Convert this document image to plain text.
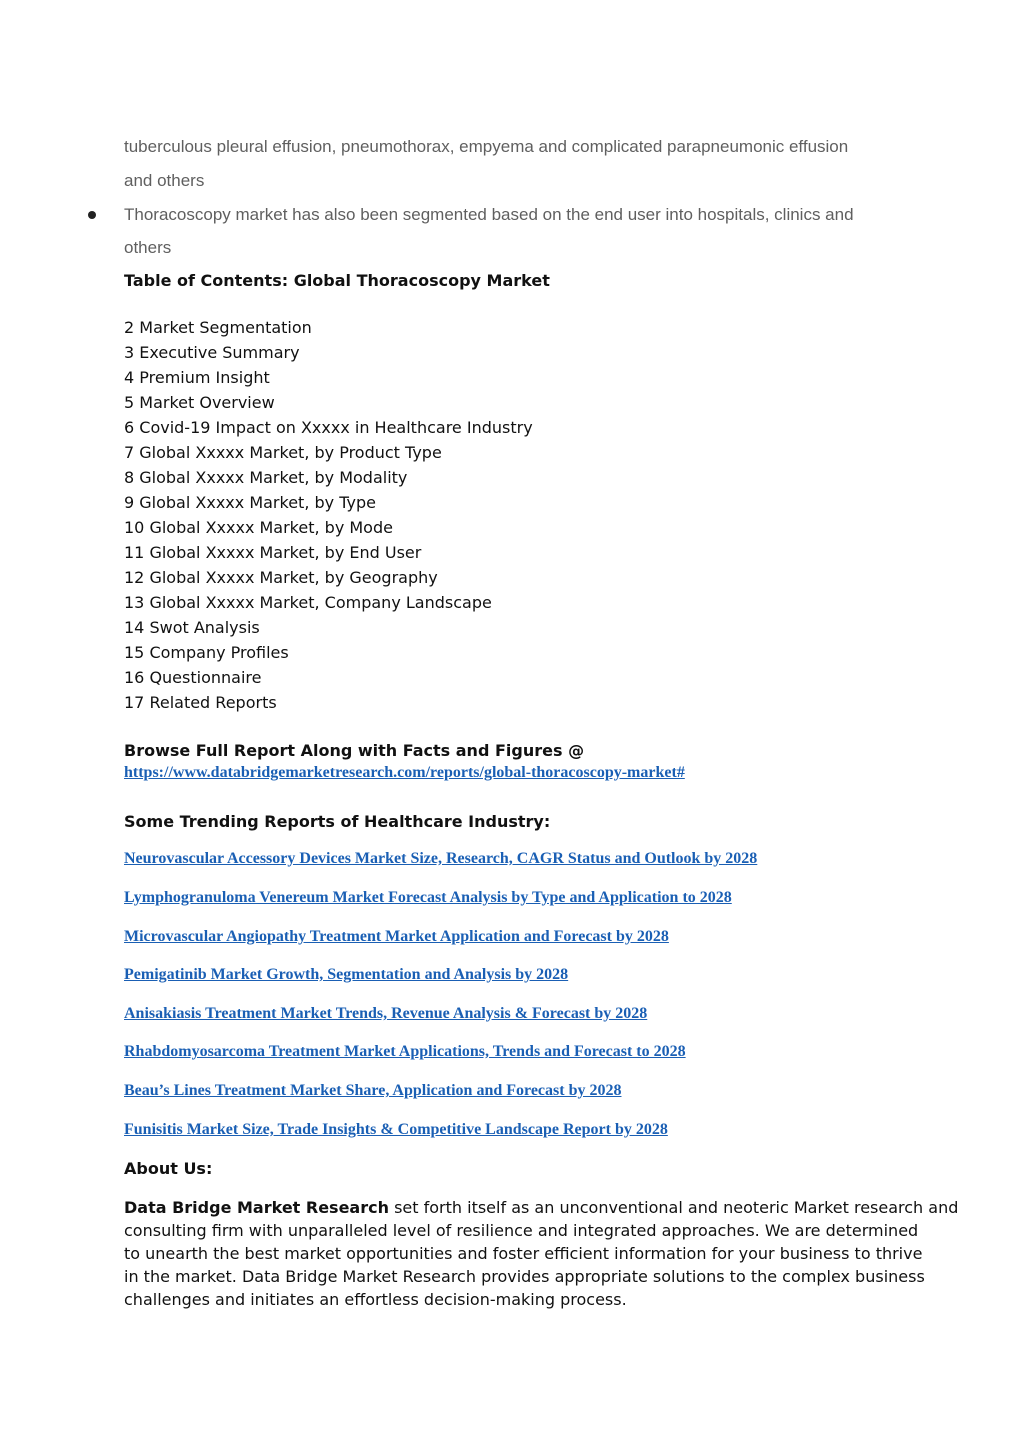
tuberculous pleural effusion, pneumothorax, empyema and complicated parapneumonic effusion
and others
Thoracoscopy market has also been segmented based on the end user into hospitals, clinics and
others
Table of Contents: Global Thoracoscopy Market
2 Market Segmentation
3 Executive Summary
4 Premium Insight
5 Market Overview
6 Covid-19 Impact on Xxxxx in Healthcare Industry
7 Global Xxxxx Market, by Product Type
8 Global Xxxxx Market, by Modality
9 Global Xxxxx Market, by Type
10 Global Xxxxx Market, by Mode
11 Global Xxxxx Market, by End User
12 Global Xxxxx Market, by Geography
13 Global Xxxxx Market, Company Landscape
14 Swot Analysis
15 Company Profiles
16 Questionnaire
17 Related Reports
Browse Full Report Along with Facts and Figures @
https://www.databridgemarketresearch.com/reports/global-thoracoscopy-market#
Some Trending Reports of Healthcare Industry:
Neurovascular Accessory Devices Market Size, Research, CAGR Status and Outlook by 2028
Lymphogranuloma Venereum Market Forecast Analysis by Type and Application to 2028
Microvascular Angiopathy Treatment Market Application and Forecast by 2028
Pemigatinib Market Growth, Segmentation and Analysis by 2028
Anisakiasis Treatment Market Trends, Revenue Analysis & Forecast by 2028
Rhabdomyosarcoma Treatment Market Applications, Trends and Forecast to 2028
Beau’s Lines Treatment Market Share, Application and Forecast by 2028
Funisitis Market Size, Trade Insights & Competitive Landscape Report by 2028
About Us:
Data Bridge Market Research set forth itself as an unconventional and neoteric Market research and
consulting firm with unparalleled level of resilience and integrated approaches. We are determined
to unearth the best market opportunities and foster efficient information for your business to thrive
in the market. Data Bridge Market Research provides appropriate solutions to the complex business
challenges and initiates an effortless decision-making process.
